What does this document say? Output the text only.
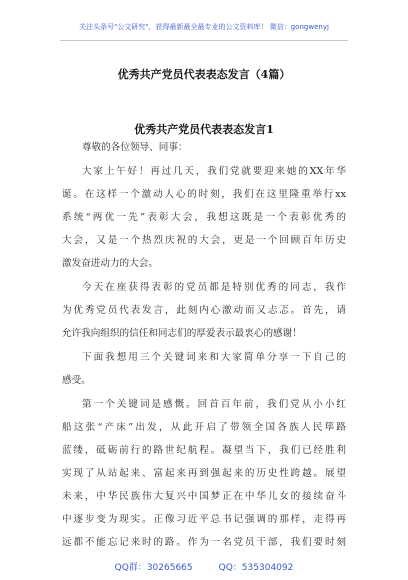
关注头条号"公文研究"，获得最新最全最专业的公文资料库！ 微信：gongwenyj
优秀共产党员代表表态发言（4篇）
优秀共产党员代表表态发言1
尊敬的各位领导、同事：
大家上午好！再过几天，我们党就要迎来她的XX年华
诞。在这样一个激动人心的时刻，我们在这里隆重举行xx
系统“两优一先”表彰大会，我想这既是一个表彰优秀的
大会，又是一个热烈庆祝的大会，更是一个回顾百年历史
激发奋进动力的大会。
今天在座获得表彰的党员都是特别优秀的同志，我作
为优秀党员代表发言，此刻内心激动而又忐忑。首先，请
允许我向组织的信任和同志们的厚爱表示最衷心的感谢！
下面我想用三个关键词来和大家简单分享一下自己的
感受。
第一个关键词是感慨。回首百年前，我们党从小小红
船这张“产床”出发，从此开启了带领全国各族人民筚路
蓝缕，砥砺前行的路世纪航程。凝望当下，我们已经胜利
实现了从站起来、富起来再到强起来的历史性跨越。展望
未来，中华民族伟大复兴中国梦正在中华儿女的接续奋斗
中逐步变为现实。正像习近平总书记强调的那样，走得再
远都不能忘记来时的路。作为一名党员干部，我们要时刻
QQ群：30265665	QQ：535304092
